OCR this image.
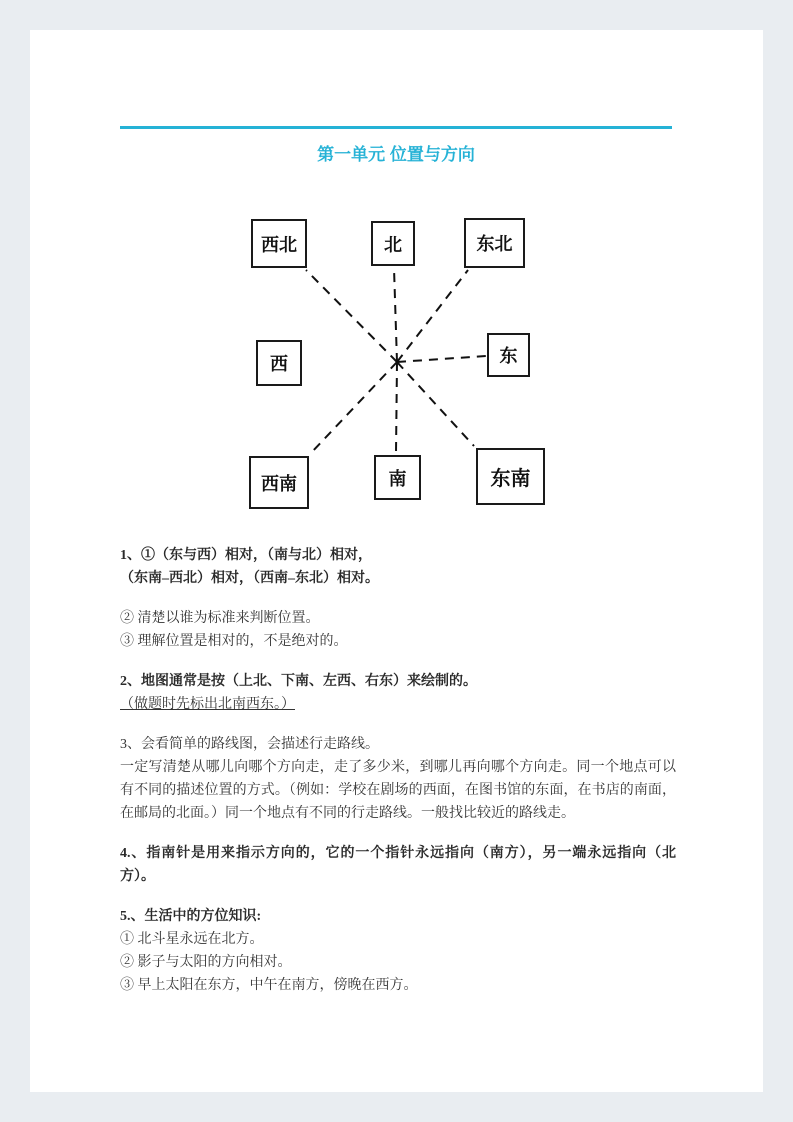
第一单元 位置与方向
西北	北	东北
西	东
西南	南	东南

1、①（东与西）相对，（南与北）相对，

（东南–西北）相对，（西南–东北）相对。

② 清楚以谁为标准来判断位置。

③ 理解位置是相对的，不是绝对的。

2、地图通常是按（上北、下南、左西、右东）来绘制的。

（做题时先标出北南西东。）

3、会看简单的路线图，会描述行走路线。

一定写清楚从哪儿向哪个方向走，走了多少米，到哪儿再向哪个方向走。同一个地点可以有不同的描述位置的方式。（例如：学校在剧场的西面，在图书馆的东面，在书店的南面，在邮局的北面。）同一个地点有不同的行走路线。一般找比较近的路线走。

4.、指南针是用来指示方向的，它的一个指针永远指向（南方），另一端永远指向（北方）。

5.、生活中的方位知识:

① 北斗星永远在北方。

② 影子与太阳的方向相对。

③ 早上太阳在东方，中午在南方，傍晚在西方。
